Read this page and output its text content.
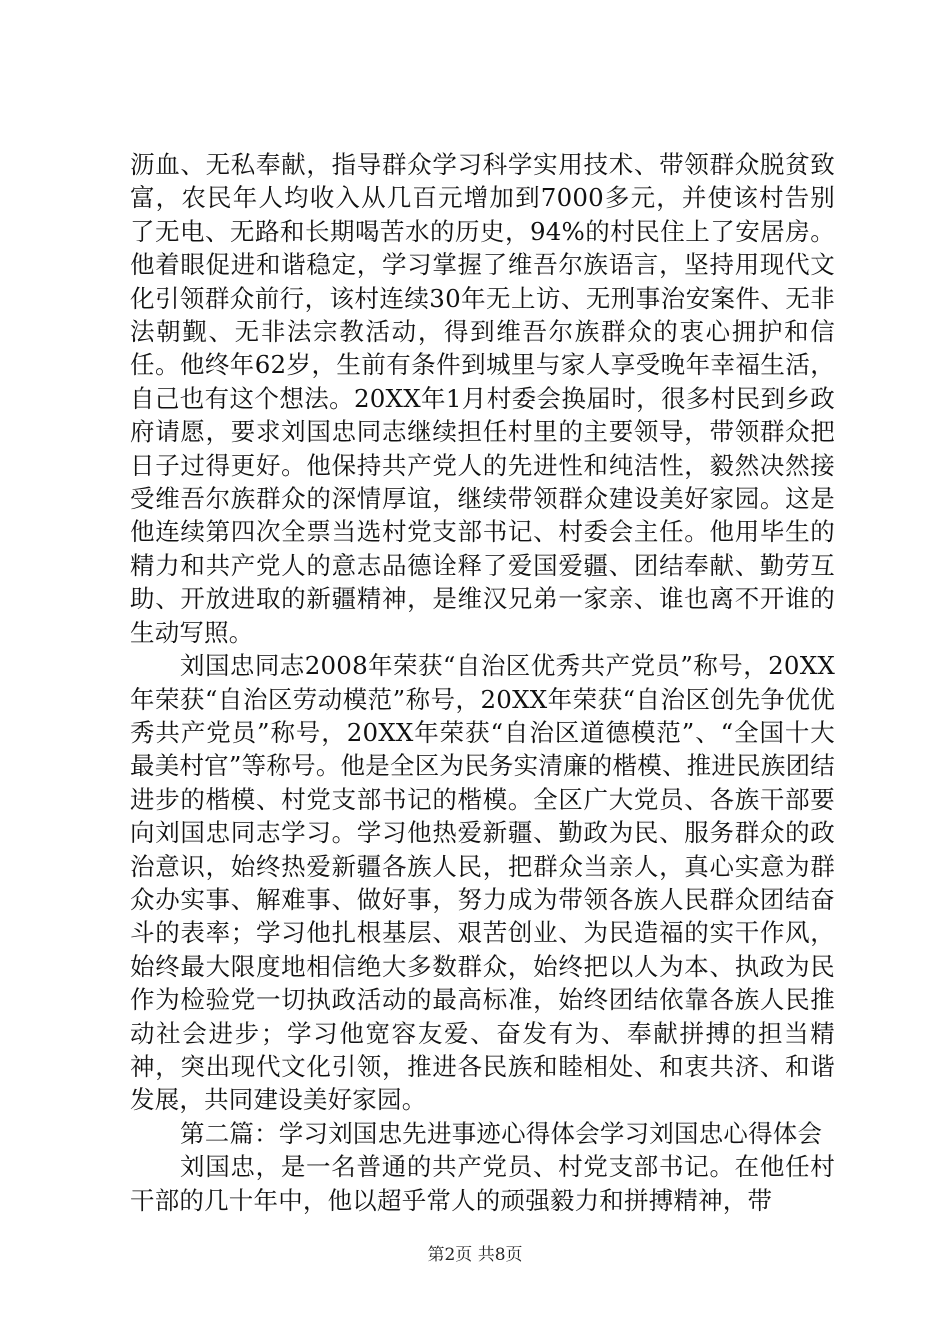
沥血、无私奉献，指导群众学习科学实用技术、带领群众脱贫致富，农民年人均收入从几百元增加到7000多元，并使该村告别了无电、无路和长期喝苦水的历史，94%的村民住上了安居房。他着眼促进和谐稳定，学习掌握了维吾尔族语言，坚持用现代文化引领群众前行，该村连续30年无上访、无刑事治安案件、无非法朝觐、无非法宗教活动，得到维吾尔族群众的衷心拥护和信任。他终年62岁，生前有条件到城里与家人享受晚年幸福生活，自己也有这个想法。20XX年1月村委会换届时，很多村民到乡政府请愿，要求刘国忠同志继续担任村里的主要领导，带领群众把日子过得更好。他保持共产党人的先进性和纯洁性，毅然决然接受维吾尔族群众的深情厚谊，继续带领群众建设美好家园。这是他连续第四次全票当选村党支部书记、村委会主任。他用毕生的精力和共产党人的意志品德诠释了爱国爱疆、团结奉献、勤劳互助、开放进取的新疆精神，是维汉兄弟一家亲、谁也离不开谁的生动写照。

刘国忠同志2008年荣获“自治区优秀共产党员”称号，20XX年荣获“自治区劳动模范”称号，20XX年荣获“自治区创先争优优秀共产党员”称号，20XX年荣获“自治区道德模范”、“全国十大最美村官”等称号。他是全区为民务实清廉的楷模、推进民族团结进步的楷模、村党支部书记的楷模。全区广大党员、各族干部要向刘国忠同志学习。学习他热爱新疆、勤政为民、服务群众的政治意识，始终热爱新疆各族人民，把群众当亲人，真心实意为群众办实事、解难事、做好事，努力成为带领各族人民群众团结奋斗的表率；学习他扎根基层、艰苦创业、为民造福的实干作风，始终最大限度地相信绝大多数群众，始终把以人为本、执政为民作为检验党一切执政活动的最高标准，始终团结依靠各族人民推动社会进步；学习他宽容友爱、奋发有为、奉献拼搏的担当精神，突出现代文化引领，推进各民族和睦相处、和衷共济、和谐发展，共同建设美好家园。

第二篇：学习刘国忠先进事迹心得体会学习刘国忠心得体会

刘国忠，是一名普通的共产党员、村党支部书记。在他任村干部的几十年中，他以超乎常人的顽强毅力和拼搏精神，带

第2页 共8页
